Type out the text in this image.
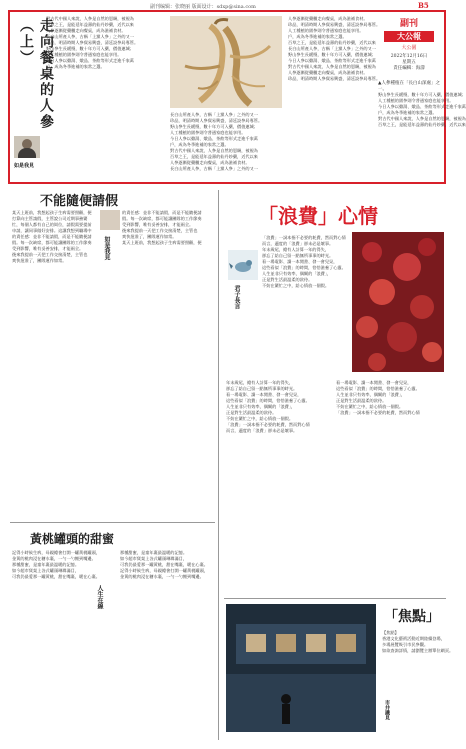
副刊编辑：张晓丽 版面设计：sdxp@sina.com	B5
走向餐桌的人參（上）
如是我見
對古代中國人來說，人參是自然的恩賜，被視為
百草之王，是能延年益壽的仙丹妙藥，近代以來
人參逐漸從藥櫃走向餐桌，成為滋補食材。
長白山所產人參，古稱「上黨人參」之外的又一
珍品，明清時期人參貿易興盛，清廷設參局專管。
野山參生長緩慢，數十年方可入藥，價值連城；
人工種植的園參則令普通家庭也能享用。
今日人參以雞湯、燉品、茶飲等形式走進千家萬
戶，成為冬季進補的家常之選。
長白山所產人參，古稱「上黨人參」之外的又一
珍品，明清時期人參貿易興盛，清廷設參局專管。
野山參生長緩慢，數十年方可入藥，價值連城；
人工種植的園參則令普通家庭也能享用。
今日人參以雞湯、燉品、茶飲等形式走進千家萬
戶，成為冬季進補的家常之選。
對古代中國人來說，人參是自然的恩賜，被視為
百草之王，是能延年益壽的仙丹妙藥，近代以來
人參逐漸從藥櫃走向餐桌，成為滋補食材。
長白山所產人參，古稱「上黨人參」之外的又一
副刊
大公報
大公園
2022年12月16日
星期五
責任編輯：海濤
人參逐漸從藥櫃走向餐桌，成為滋補食材。
珍品，明清時期人參貿易興盛，清廷設參局專管。
人工種植的園參則令普通家庭也能享用。
戶，成為冬季進補的家常之選。
百草之王，是能延年益壽的仙丹妙藥，近代以來
長白山所產人參，古稱「上黨人參」之外的又一
野山參生長緩慢，數十年方可入藥，價值連城；
今日人參以雞湯、燉品、茶飲等形式走進千家萬
對古代中國人來說，人參是自然的恩賜，被視為
人參逐漸從藥櫃走向餐桌，成為滋補食材。
珍品，明清時期人參貿易興盛，清廷設參局專管。
▲人參種植在「長白山深處」之一。
野山參生長緩慢，數十年方可入藥，價值連城；
人工種植的園參則令普通家庭也能享用。
今日人參以雞湯、燉品、茶飲等形式走進千家萬
戶，成為冬季進補的家常之選。
對古代中國人來說，人參是自然的恩賜，被視為
百草之王，是能延年益壽的仙丹妙藥，近代以來
不能隨便請假
某天上班前，我想起孩子生病需要照顧，便
打算向主管請假，主管說公司近期事務繁
忙，每個人都有自己的崗位，請假需要提前
申請，讓同事做好安排。這讓我想到職場中
的責任感：並非不能請假，而是不能隨便請
假。每一次缺席，都可能讓團隊的工作節奏
受到影響，唯有妥善安排，才能兩全。
後來我提前一天把工作交接清楚，主管也
爽快批准了，團隊運作如常。
如是我見
的責任感：並非不能請假，而是不能隨便請
假。每一次缺席，都可能讓團隊的工作節奏
受到影響，唯有妥善安排，才能兩全。
後來我提前一天把工作交接清楚，主管也
爽快批准了，團隊運作如常。
某天上班前，我想起孩子生病需要照顧，便
黃桃罐頭的甜蜜
記得小時候生病，母親總會打開一罐黃桃罐頭，
金黃的桃肉浸在糖水裏，一勺一勺餵到嘴邊。
那種甜蜜，是童年裏最溫暖的記憶。
如今超市貨架上各式罐頭琳瑯滿目，
可我仍最愛那一罐黃桃，甜在嘴裏，暖在心裏。
人生在線
那種甜蜜，是童年裏最溫暖的記憶。
如今超市貨架上各式罐頭琳瑯滿目，
可我仍最愛那一罐黃桃，甜在嘴裏，暖在心裏。
記得小時候生病，母親總會打開一罐黃桃罐頭，
金黃的桃肉浸在糖水裏，一勺一勺餵到嘴邊。
「浪費」心情
君子長言
「浪費」一詞本指不必要的耗費，然而對心情
而言，適度的「浪費」卻未必是壞事。
年末歲尾，總有人計算一年的得失，
卻忘了給自己留一點無所事事的時光。
看一場電影、讀一本閒書、發一會兒呆，
這些看似「浪費」的時間，恰恰滋養了心靈。
人生並非只有效率，偶爾的「浪費」，
正是對生活最溫柔的款待。
不妨在繁忙之中，給心情放一個假。
年末歲尾，總有人計算一年的得失，
卻忘了給自己留一點無所事事的時光。
看一場電影、讀一本閒書、發一會兒呆，
這些看似「浪費」的時間，恰恰滋養了心靈。
人生並非只有效率，偶爾的「浪費」，
正是對生活最溫柔的款待。
不妨在繁忙之中，給心情放一個假。
「浪費」一詞本指不必要的耗費，然而對心情
而言，適度的「浪費」卻未必是壞事。
看一場電影、讀一本閒書、發一會兒呆，
這些看似「浪費」的時間，恰恰滋養了心靈。
人生並非只有效率，偶爾的「浪費」，
正是對生活最溫柔的款待。
不妨在繁忙之中，給心情放一個假。
「浪費」一詞本指不必要的耗費，然而對心情
「焦點」
【焦點】
香港文化藝術活動近期陸續登場，
多場展覽吸引市民參觀。
如欲查詢詳情，請瀏覽主辦單位網頁。
市井識見
